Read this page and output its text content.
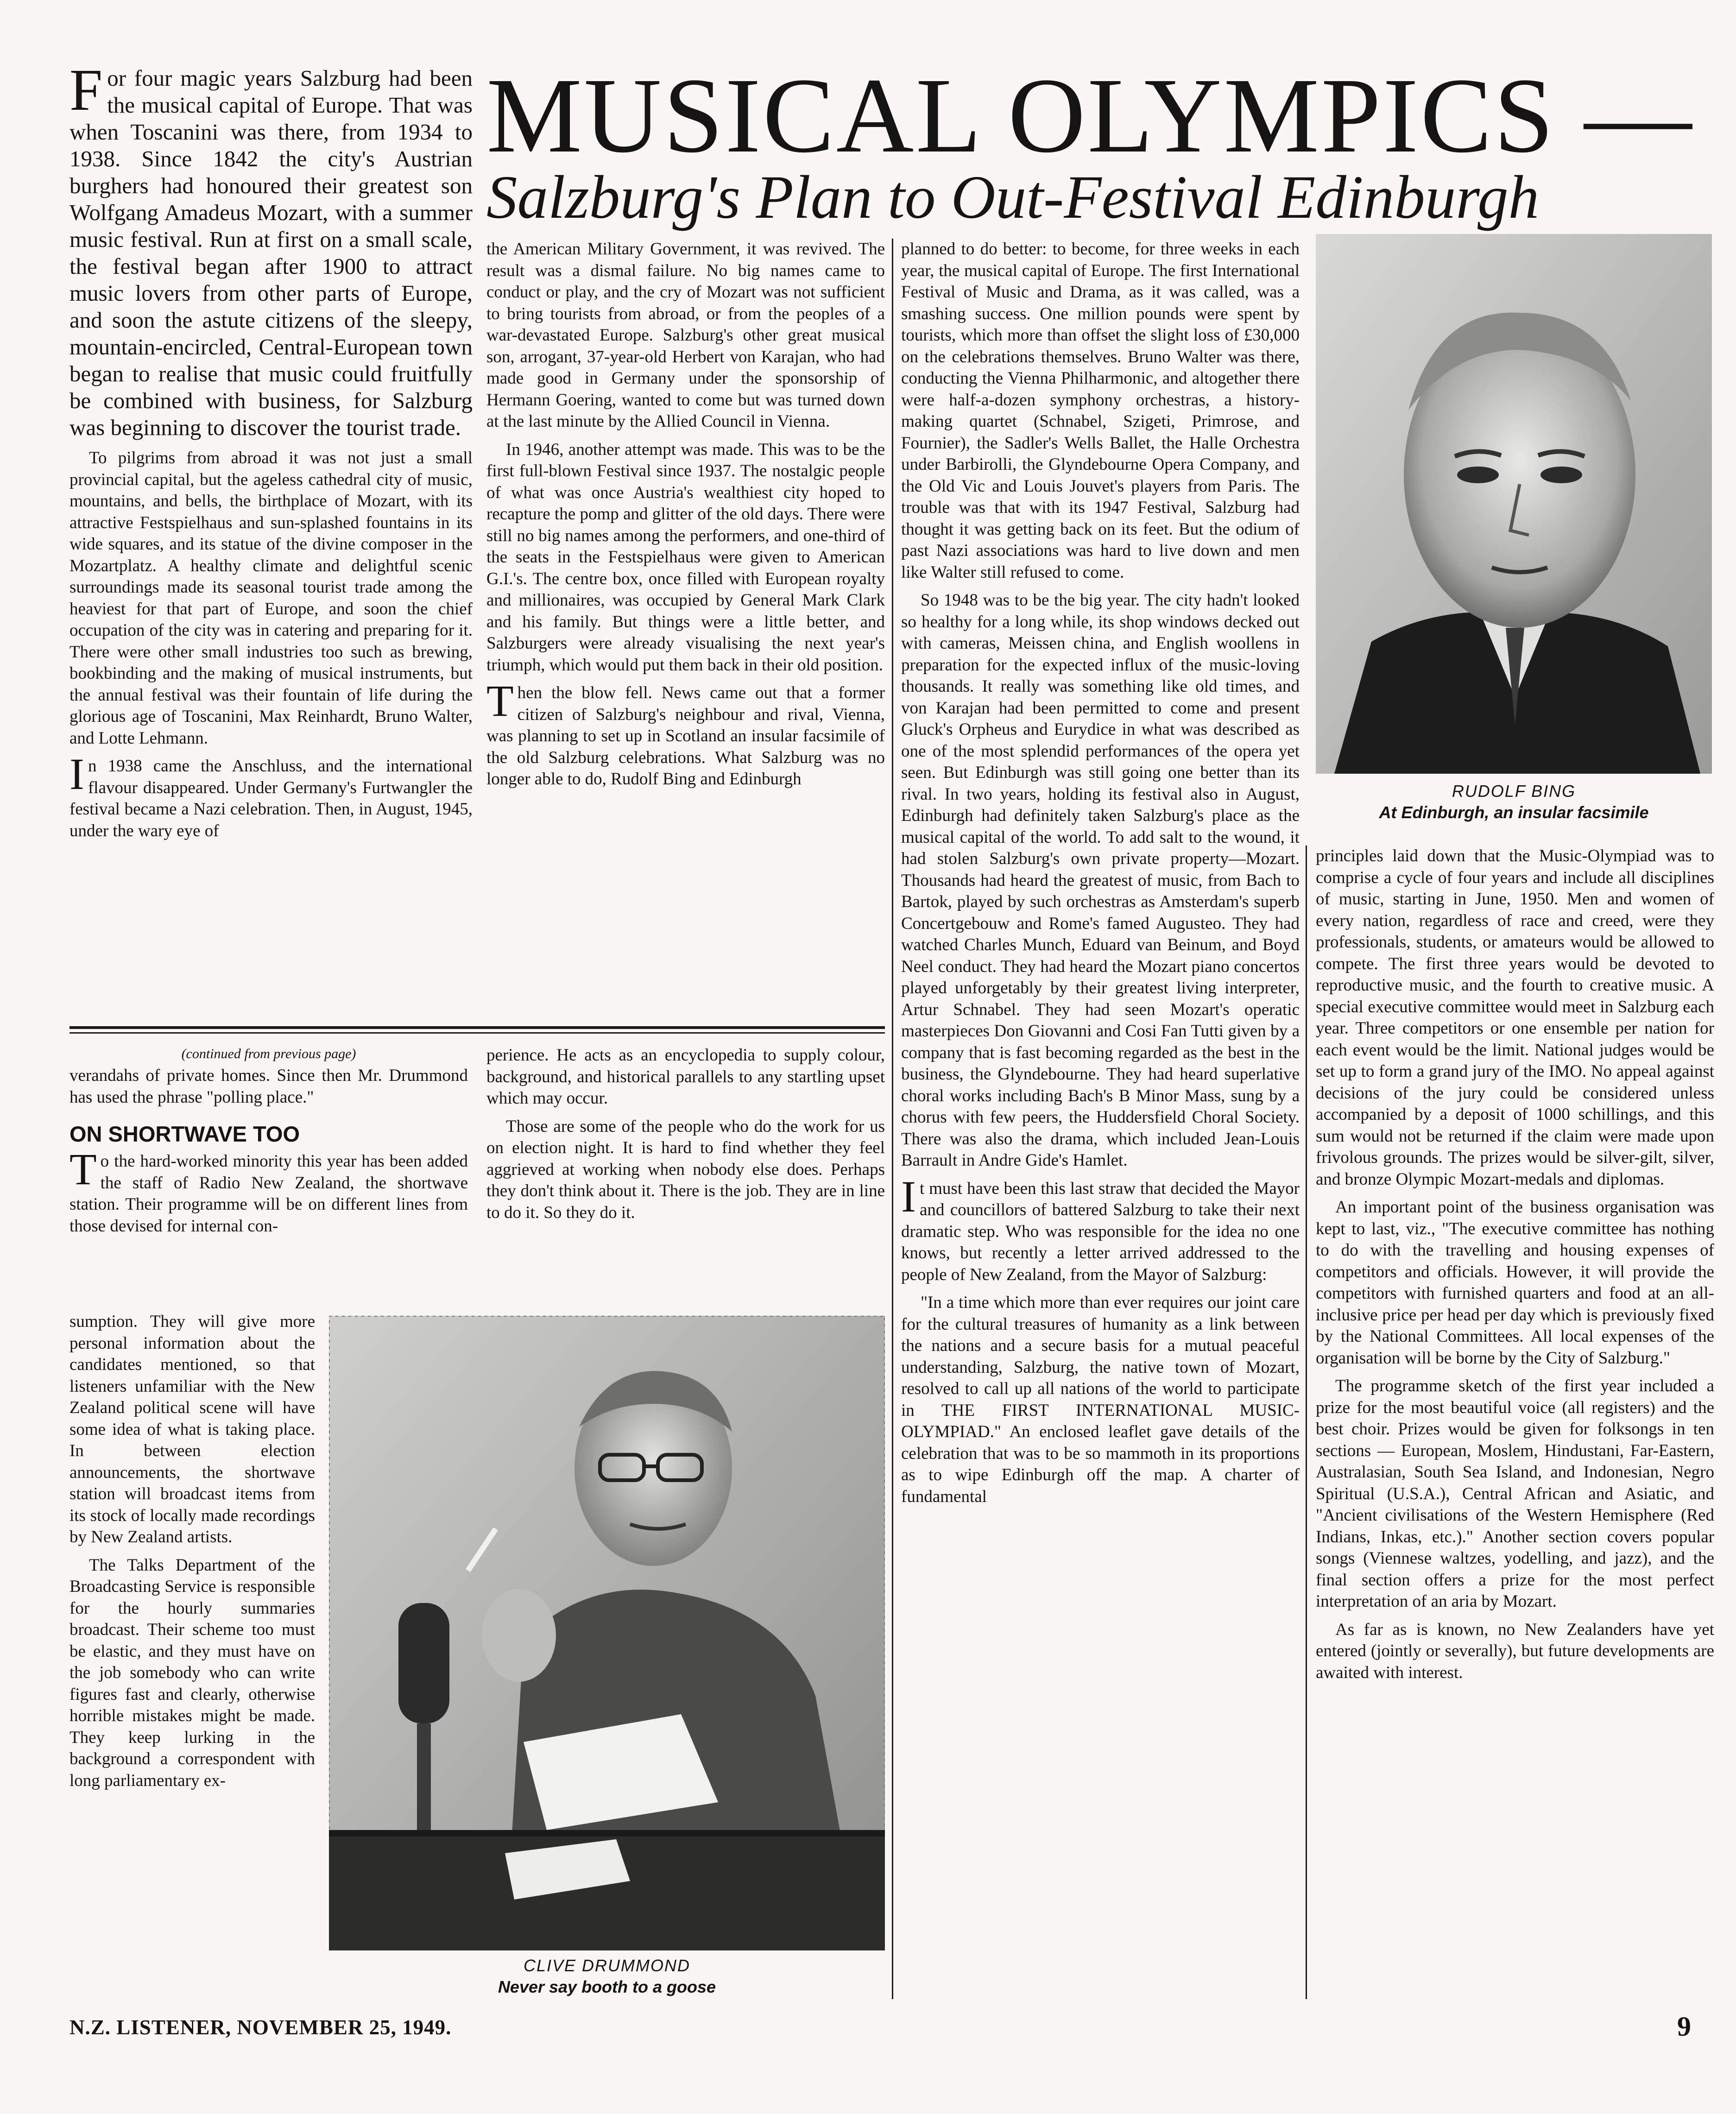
MUSICAL OLYMPICS —
Salzburg's Plan to Out-Festival Edinburgh

For four magic years Salzburg had been the musical capital of Europe. That was when Toscanini was there, from 1934 to 1938. Since 1842 the city's Austrian burghers had honoured their greatest son Wolfgang Amadeus Mozart, with a summer music festival. Run at first on a small scale, the festival began after 1900 to attract music lovers from other parts of Europe, and soon the astute citizens of the sleepy, mountain-encircled, Central-European town began to realise that music could fruitfully be combined with business, for Salzburg was beginning to discover the tourist trade.

To pilgrims from abroad it was not just a small provincial capital, but the ageless cathedral city of music, mountains, and bells, the birthplace of Mozart, with its attractive Festspielhaus and sun-splashed fountains in its wide squares, and its statue of the divine composer in the Mozartplatz. A healthy climate and delightful scenic surroundings made its seasonal tourist trade among the heaviest for that part of Europe, and soon the chief occupation of the city was in catering and preparing for it. There were other small industries too such as brewing, bookbinding and the making of musical instruments, but the annual festival was their fountain of life during the glorious age of Toscanini, Max Reinhardt, Bruno Walter, and Lotte Lehmann.

In 1938 came the Anschluss, and the international flavour disappeared. Under Germany's Furtwangler the festival became a Nazi celebration. Then, in August, 1945, under the wary eye of

the American Military Government, it was revived. The result was a dismal failure. No big names came to conduct or play, and the cry of Mozart was not sufficient to bring tourists from abroad, or from the peoples of a war-devastated Europe. Salzburg's other great musical son, arrogant, 37-year-old Herbert von Karajan, who had made good in Germany under the sponsorship of Hermann Goering, wanted to come but was turned down at the last minute by the Allied Council in Vienna.

In 1946, another attempt was made. This was to be the first full-blown Festival since 1937. The nostalgic people of what was once Austria's wealthiest city hoped to recapture the pomp and glitter of the old days. There were still no big names among the performers, and one-third of the seats in the Festspielhaus were given to American G.I.'s. The centre box, once filled with European royalty and millionaires, was occupied by General Mark Clark and his family. But things were a little better, and Salzburgers were already visualising the next year's triumph, which would put them back in their old position.

Then the blow fell. News came out that a former citizen of Salzburg's neighbour and rival, Vienna, was planning to set up in Scotland an insular facsimile of the old Salzburg celebrations. What Salzburg was no longer able to do, Rudolf Bing and Edinburgh

planned to do better: to become, for three weeks in each year, the musical capital of Europe. The first International Festival of Music and Drama, as it was called, was a smashing success. One million pounds were spent by tourists, which more than offset the slight loss of £30,000 on the celebrations themselves. Bruno Walter was there, conducting the Vienna Philharmonic, and altogether there were half-a-dozen symphony orchestras, a history-making quartet (Schnabel, Szigeti, Primrose, and Fournier), the Sadler's Wells Ballet, the Halle Orchestra under Barbirolli, the Glyndebourne Opera Company, and the Old Vic and Louis Jouvet's players from Paris. The trouble was that with its 1947 Festival, Salzburg had thought it was getting back on its feet. But the odium of past Nazi associations was hard to live down and men like Walter still refused to come.

So 1948 was to be the big year. The city hadn't looked so healthy for a long while, its shop windows decked out with cameras, Meissen china, and English woollens in preparation for the expected influx of the music-loving thousands. It really was something like old times, and von Karajan had been permitted to come and present Gluck's Orpheus and Eurydice in what was described as one of the most splendid performances of the opera yet seen. But Edinburgh was still going one better than its rival. In two years, holding its festival also in August, Edinburgh had definitely taken Salzburg's place as the musical capital of the world. To add salt to the wound, it had stolen Salzburg's own private property—Mozart. Thousands had heard the greatest of music, from Bach to Bartok, played by such orchestras as Amsterdam's superb Concertgebouw and Rome's famed Augusteo. They had watched Charles Munch, Eduard van Beinum, and Boyd Neel conduct. They had heard the Mozart piano concertos played unforgetably by their greatest living interpreter, Artur Schnabel. They had seen Mozart's operatic masterpieces Don Giovanni and Cosi Fan Tutti given by a company that is fast becoming regarded as the best in the business, the Glyndebourne. They had heard superlative choral works including Bach's B Minor Mass, sung by a chorus with few peers, the Huddersfield Choral Society. There was also the drama, which included Jean-Louis Barrault in Andre Gide's Hamlet.

It must have been this last straw that decided the Mayor and councillors of battered Salzburg to take their next dramatic step. Who was responsible for the idea no one knows, but recently a letter arrived addressed to the people of New Zealand, from the Mayor of Salzburg:

"In a time which more than ever requires our joint care for the cultural treasures of humanity as a link between the nations and a secure basis for a mutual peaceful understanding, Salzburg, the native town of Mozart, resolved to call up all nations of the world to participate in THE FIRST INTERNATIONAL MUSIC-OLYMPIAD." An enclosed leaflet gave details of the celebration that was to be so mammoth in its proportions as to wipe Edinburgh off the map. A charter of fundamental

RUDOLF BING
At Edinburgh, an insular facsimile

principles laid down that the Music-Olympiad was to comprise a cycle of four years and include all disciplines of music, starting in June, 1950. Men and women of every nation, regardless of race and creed, were they professionals, students, or amateurs would be allowed to compete. The first three years would be devoted to reproductive music, and the fourth to creative music. A special executive committee would meet in Salzburg each year. Three competitors or one ensemble per nation for each event would be the limit. National judges would be set up to form a grand jury of the IMO. No appeal against decisions of the jury could be considered unless accompanied by a deposit of 1000 schillings, and this sum would not be returned if the claim were made upon frivolous grounds. The prizes would be silver-gilt, silver, and bronze Olympic Mozart-medals and diplomas.

An important point of the business organisation was kept to last, viz., "The executive committee has nothing to do with the travelling and housing expenses of competitors and officials. However, it will provide the competitors with furnished quarters and food at an all-inclusive price per head per day which is previously fixed by the National Committees. All local expenses of the organisation will be borne by the City of Salzburg."

The programme sketch of the first year included a prize for the most beautiful voice (all registers) and the best choir. Prizes would be given for folksongs in ten sections — European, Moslem, Hindustani, Far-Eastern, Australasian, South Sea Island, and Indonesian, Negro Spiritual (U.S.A.), Central African and Asiatic, and "Ancient civilisations of the Western Hemisphere (Red Indians, Inkas, etc.)." Another section covers popular songs (Viennese waltzes, yodelling, and jazz), and the final section offers a prize for the most perfect interpretation of an aria by Mozart.

As far as is known, no New Zealanders have yet entered (jointly or severally), but future developments are awaited with interest.

(continued from previous page)

verandahs of private homes. Since then Mr. Drummond has used the phrase "polling place."

ON SHORTWAVE TOO

To the hard-worked minority this year has been added the staff of Radio New Zealand, the shortwave station. Their programme will be on different lines from those devised for internal con-

sumption. They will give more personal information about the candidates mentioned, so that listeners unfamiliar with the New Zealand political scene will have some idea of what is taking place. In between election announcements, the shortwave station will broadcast items from its stock of locally made recordings by New Zealand artists.

The Talks Department of the Broadcasting Service is responsible for the hourly summaries broadcast. Their scheme too must be elastic, and they must have on the job somebody who can write figures fast and clearly, otherwise horrible mistakes might be made. They keep lurking in the background a correspondent with long parliamentary ex-

perience. He acts as an encyclopedia to supply colour, background, and historical parallels to any startling upset which may occur.

Those are some of the people who do the work for us on election night. It is hard to find whether they feel aggrieved at working when nobody else does. Perhaps they don't think about it. There is the job. They are in line to do it. So they do it.

CLIVE DRUMMOND
Never say booth to a goose
N.Z. LISTENER, NOVEMBER 25, 1949.	9
